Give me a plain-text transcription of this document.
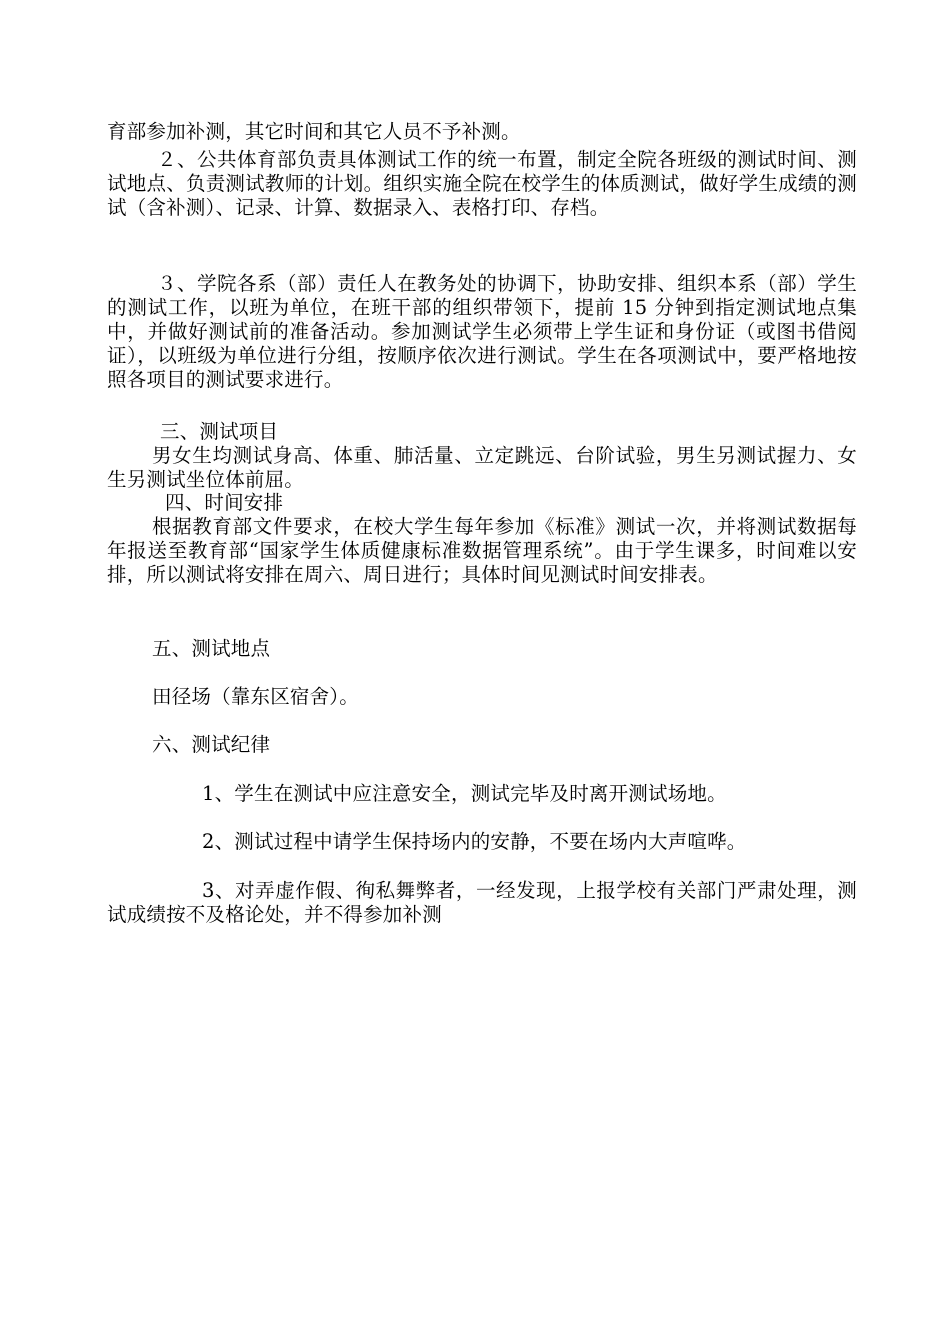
育部参加补测，其它时间和其它人员不予补测。
２、公共体育部负责具体测试工作的统一布置，制定全院各班级的测试时间、测试地点、负责测试教师的计划。组织实施全院在校学生的体质测试，做好学生成绩的测试（含补测）、记录、计算、数据录入、表格打印、存档。
３、学院各系（部）责任人在教务处的协调下，协助安排、组织本系（部）学生的测试工作，以班为单位，在班干部的组织带领下，提前 15 分钟到指定测试地点集中，并做好测试前的准备活动。参加测试学生必须带上学生证和身份证（或图书借阅证），以班级为单位进行分组，按顺序依次进行测试。学生在各项测试中，要严格地按照各项目的测试要求进行。
三、测试项目
男女生均测试身高、体重、肺活量、立定跳远、台阶试验，男生另测试握力、女生另测试坐位体前屈。
四、时间安排
根据教育部文件要求，在校大学生每年参加《标准》测试一次，并将测试数据每年报送至教育部“国家学生体质健康标准数据管理系统”。由于学生课多，时间难以安排，所以测试将安排在周六、周日进行；具体时间见测试时间安排表。
五、测试地点
田径场（靠东区宿舍）。
六、测试纪律
1、学生在测试中应注意安全，测试完毕及时离开测试场地。
2、测试过程中请学生保持场内的安静，不要在场内大声喧哗。
3、对弄虚作假、徇私舞弊者，一经发现，上报学校有关部门严肃处理，测试成绩按不及格论处，并不得参加补测
